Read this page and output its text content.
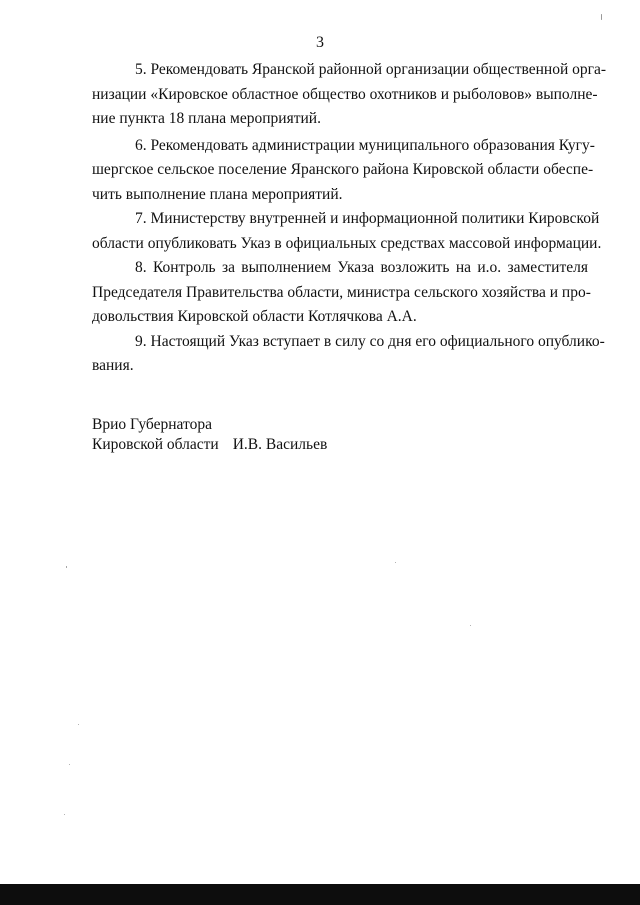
3

5. Рекомендовать Яранской районной организации общественной орга-
низации «Кировское областное общество охотников и рыболовов» выполне-
ние пункта 18 плана мероприятий.

6. Рекомендовать администрации муниципального образования Кугу-
шергское сельское поселение Яранского района Кировской области обеспе-
чить выполнение плана мероприятий.

7. Министерству внутренней и информационной политики Кировской
области опубликовать Указ в официальных средствах массовой информации.

8. Контроль за выполнением Указа возложить на и.о. заместителя
Председателя Правительства области, министра сельского хозяйства и про-
довольствия Кировской области Котлячкова А.А.

9. Настоящий Указ вступает в силу со дня его официального опублико-
вания.

Врио Губернатора
Кировской области И.В. Васильев
